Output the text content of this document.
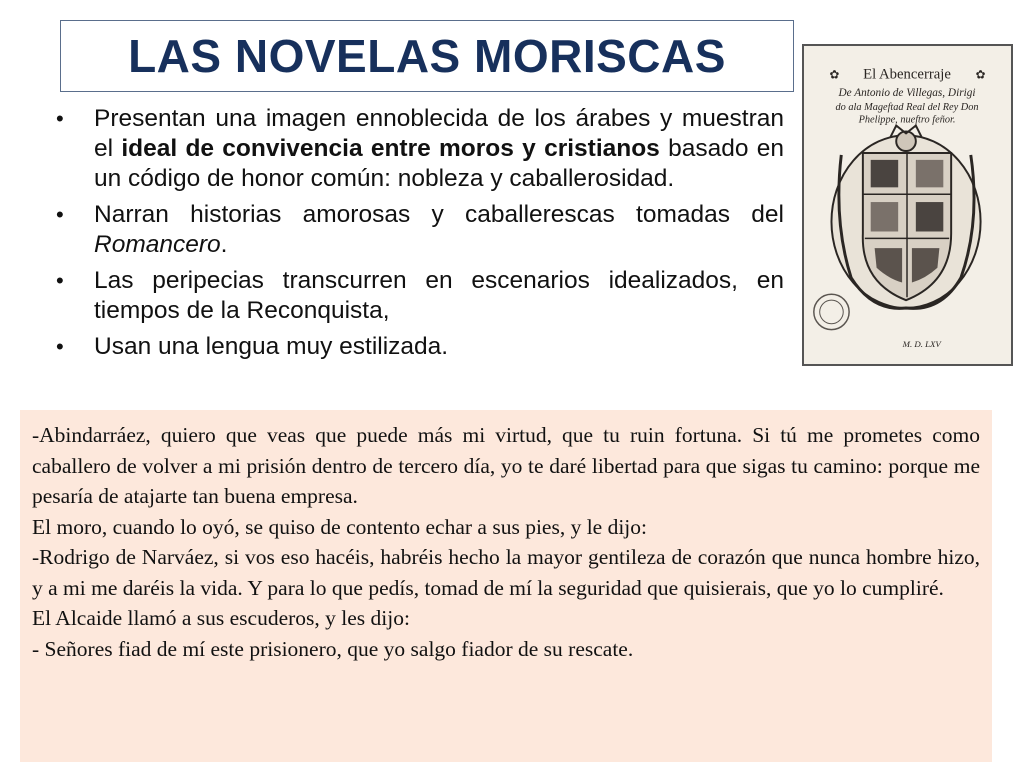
LAS NOVELAS MORISCAS
• Presentan una imagen ennoblecida de los árabes y muestran el ideal de convivencia entre moros y cristianos basado en un código de honor común: nobleza y caballerosidad.
• Narran historias amorosas y caballerescas tomadas del Romancero.
• Las peripecias transcurren en escenarios idealizados, en tiempos de la Reconquista,
• Usan una lengua muy estilizada.
El Abencerraje
De Antonio de Villegas, Dirigi
do ala Mageftad Real del Rey Don
Phelippe, nueftro feñor.
✿	✿
M. D. LXV

-Abindarráez, quiero que veas que puede más mi virtud, que tu ruin fortuna. Si tú me prometes como caballero de volver a mi prisión dentro de tercero día, yo te daré libertad para que sigas tu camino: porque me pesaría de atajarte tan buena empresa.

El moro, cuando lo oyó, se quiso de contento echar a sus pies, y le dijo:

-Rodrigo de Narváez, si vos eso hacéis, habréis hecho la mayor gentileza de corazón que nunca hombre hizo, y a mi me daréis la vida. Y para lo que pedís, tomad de mí la seguridad que quisierais, que yo lo cumpliré.

El Alcaide llamó a sus escuderos, y les dijo:

- Señores fiad de mí este prisionero, que yo salgo fiador de su rescate.
